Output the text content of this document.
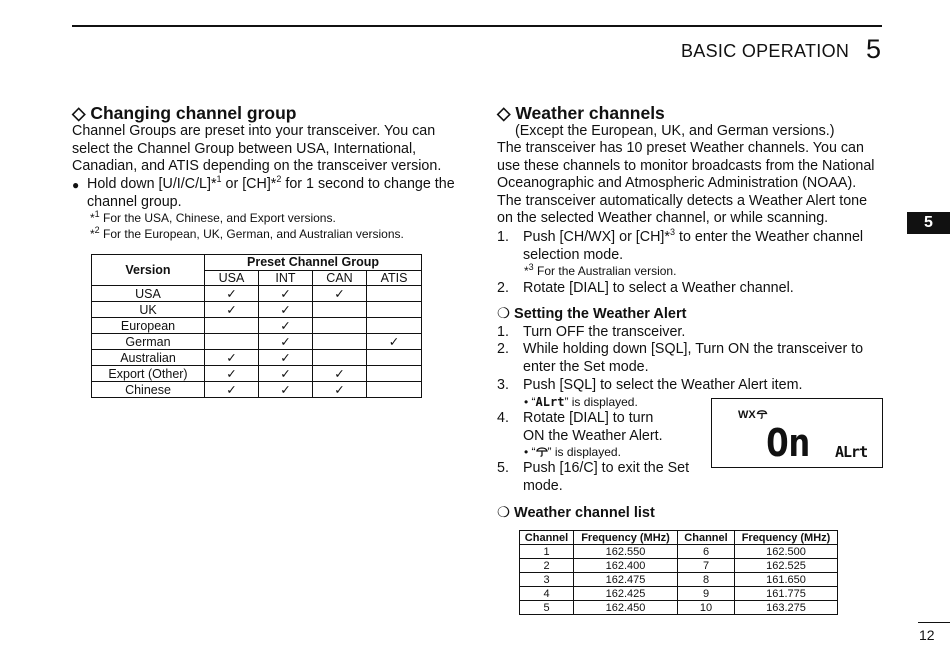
BASIC OPERATION 5
5
◇ Changing channel group
Channel Groups are preset into your transceiver. You can select the Channel Group between USA, International, Canadian, and ATIS depending on the transceiver version.
● Hold down [U/I/C/L]*$^1$ or [CH]*$^2$ for 1 second to change the
channel group.
*$^1$ For the USA, Chinese, and Export versions.
*$^2$ For the European, UK, German, and Australian versions.
Version	Preset Channel Group			
	USA	INT	CAN	ATIS
USA	✓	✓	✓	
UK	✓	✓		
European		✓		
German		✓		✓
Australian	✓	✓		
Export (Other)	✓	✓	✓	
Chinese	✓	✓	✓	
◇ Weather channels
(Except the European, UK, and German versions.)
The transceiver has 10 preset Weather channels. You can use these channels to monitor broadcasts from the National Oceanographic and Atmospheric Administration (NOAA). The transceiver automatically detects a Weather Alert tone on the selected Weather channel, or while scanning.
1. Push [CH/WX] or [CH]*$^3$ to enter the Weather channel
selection mode.
*$^3$ For the Australian version.
2. Rotate [DIAL] to select a Weather channel.
❍ Setting the Weather Alert
1. Turn OFF the transceiver.
2. While holding down [SQL], Turn ON the transceiver to
enter the Set mode.
3. Push [SQL] to select the Weather Alert item.
• “ALrt” is displayed.
4. Rotate [DIAL] to turn
ON the Weather Alert.
• “ ” is displayed.
5. Push [16/C] to exit the Set
mode.
WX
On ALrt
❍ Weather channel list
Channel	Frequency (MHz)	Channel	Frequency (MHz)
1	162.550	6	162.500
2	162.400	7	162.525
3	162.475	8	161.650
4	162.425	9	161.775
5	162.450	10	163.275
12
